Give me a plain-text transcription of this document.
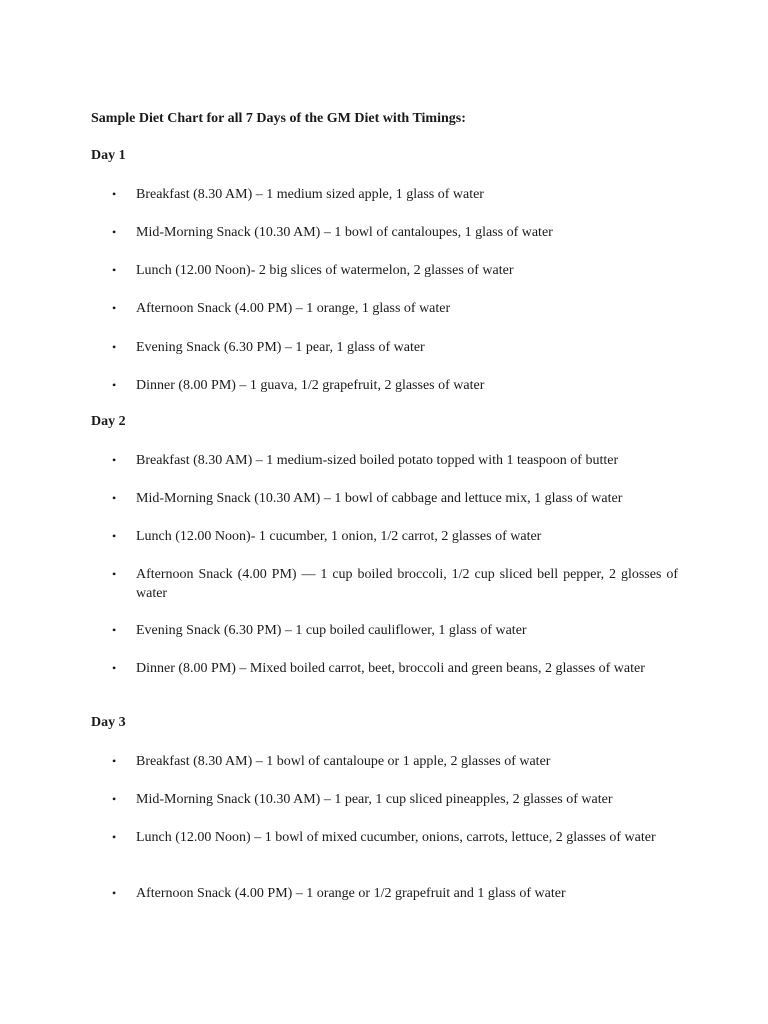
Sample Diet Chart for all 7 Days of the GM Diet with Timings:
Day 1
•	Breakfast (8.30 AM) – 1 medium sized apple, 1 glass of water
•	Mid-Morning Snack (10.30 AM) – 1 bowl of cantaloupes, 1 glass of water
•	Lunch (12.00 Noon)- 2 big slices of watermelon, 2 glasses of water
•	Afternoon Snack (4.00 PM) – 1 orange, 1 glass of water
•	Evening Snack (6.30 PM) – 1 pear, 1 glass of water
•	Dinner (8.00 PM) – 1 guava, 1/2 grapefruit, 2 glasses of water
Day 2
•	Breakfast (8.30 AM) – 1 medium-sized boiled potato topped with 1 teaspoon of butter
•	Mid-Morning Snack (10.30 AM) – 1 bowl of cabbage and lettuce mix, 1 glass of water
•	Lunch (12.00 Noon)- 1 cucumber, 1 onion, 1/2 carrot, 2 glasses of water
•	Afternoon Snack (4.00 PM) — 1 cup boiled broccoli, 1/2 cup sliced bell pepper, 2 glosses of water
•	Evening Snack (6.30 PM) – 1 cup boiled cauliflower, 1 glass of water
•	Dinner (8.00 PM) – Mixed boiled carrot, beet, broccoli and green beans, 2 glasses of water
Day 3
•	Breakfast (8.30 AM) – 1 bowl of cantaloupe or 1 apple, 2 glasses of water
•	Mid-Morning Snack (10.30 AM) – 1 pear, 1 cup sliced pineapples, 2 glasses of water
•	Lunch (12.00 Noon) – 1 bowl of mixed cucumber, onions, carrots, lettuce, 2 glasses of water
•	Afternoon Snack (4.00 PM) – 1 orange or 1/2 grapefruit and 1 glass of water
